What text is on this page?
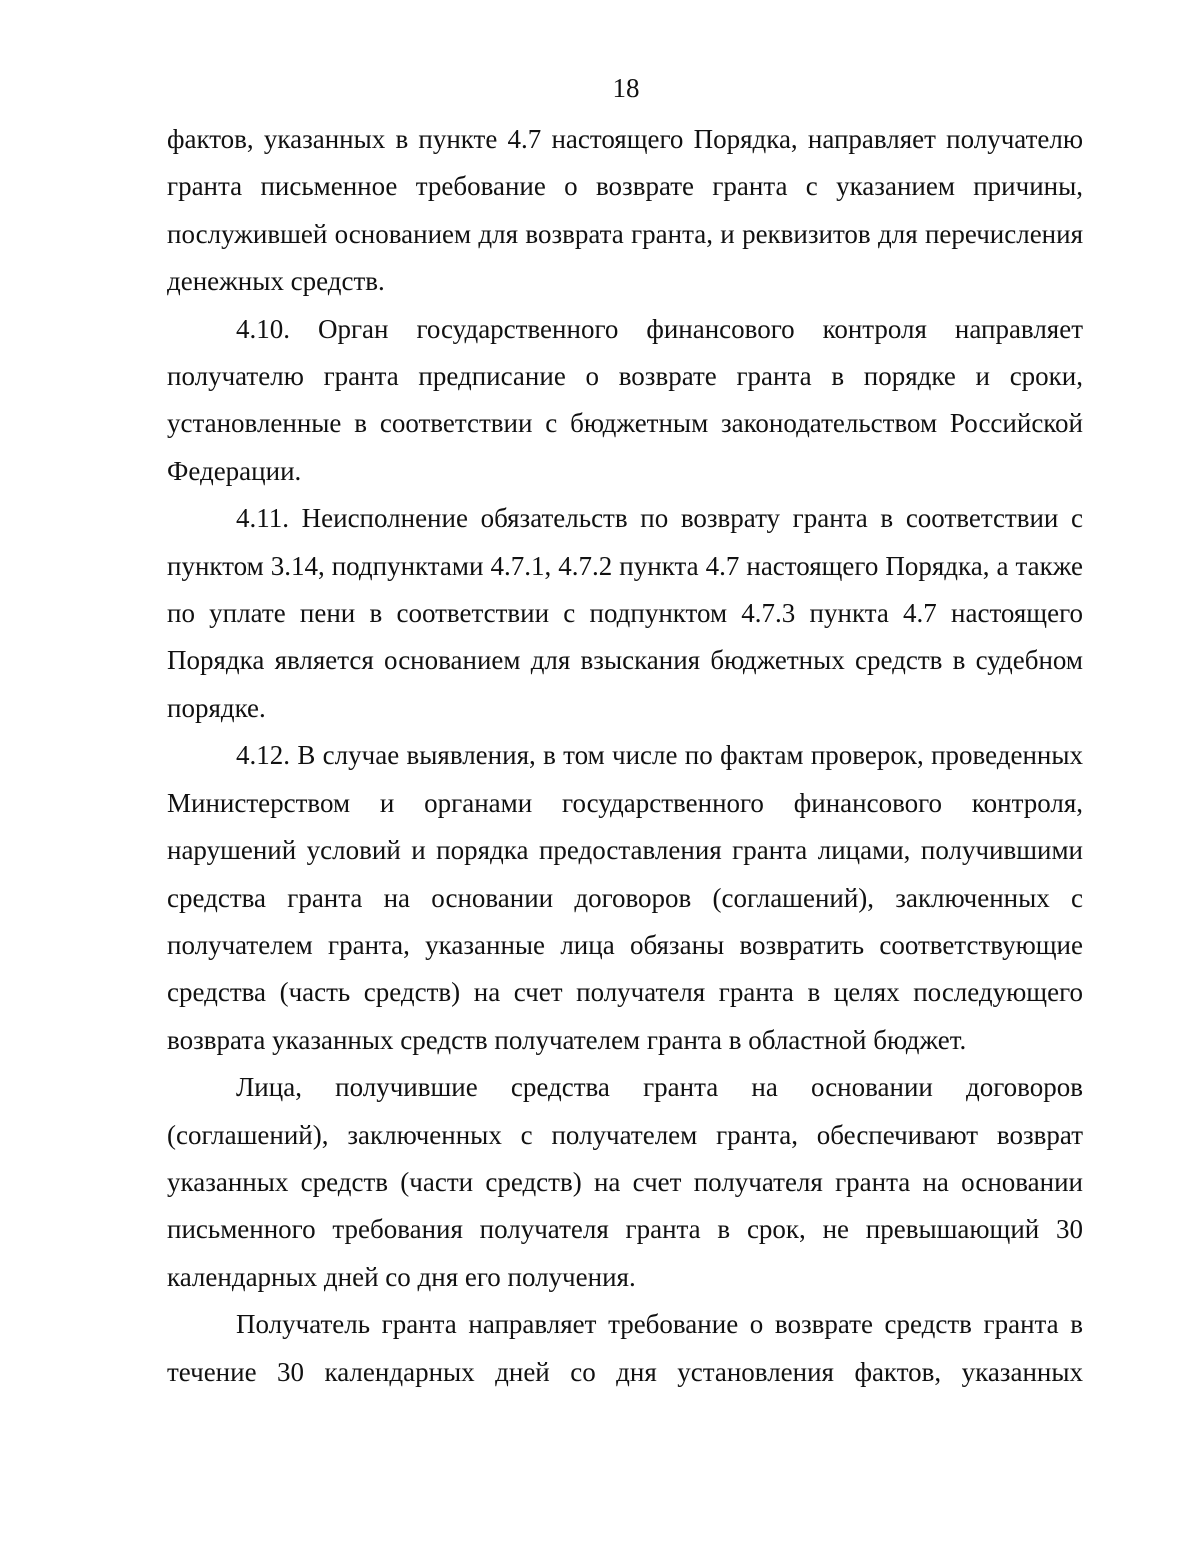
18

фактов, указанных в пункте 4.7 настоящего Порядка, направляет получателю гранта письменное требование о возврате гранта с указанием причины, послужившей основанием для возврата гранта, и реквизитов для перечисления денежных средств.

4.10. Орган государственного финансового контроля направляет получателю гранта предписание о возврате гранта в порядке и сроки, установленные в соответствии с бюджетным законодательством Российской Федерации.

4.11. Неисполнение обязательств по возврату гранта в соответствии с пунктом 3.14, подпунктами 4.7.1, 4.7.2 пункта 4.7 настоящего Порядка, а также по уплате пени в соответствии с подпунктом 4.7.3 пункта 4.7 настоящего Порядка является основанием для взыскания бюджетных средств в судебном порядке.

4.12. В случае выявления, в том числе по фактам проверок, проведенных Министерством и органами государственного финансового контроля, нарушений условий и порядка предоставления гранта лицами, получившими средства гранта на основании договоров (соглашений), заключенных с получателем гранта, указанные лица обязаны возвратить соответствующие средства (часть средств) на счет получателя гранта в целях последующего возврата указанных средств получателем гранта в областной бюджет.

Лица, получившие средства гранта на основании договоров (соглашений), заключенных с получателем гранта, обеспечивают возврат указанных средств (части средств) на счет получателя гранта на основании письменного требования получателя гранта в срок, не превышающий 30 календарных дней со дня его получения.

Получатель гранта направляет требование о возврате средств гранта в течение 30 календарных дней со дня установления фактов, указанных
